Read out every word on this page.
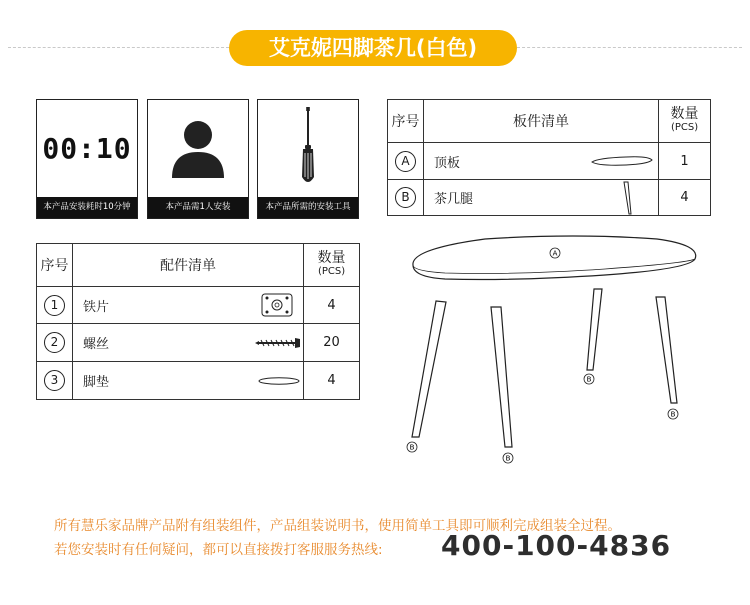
艾克妮四脚茶几(白色)
00:10
本产品安装耗时10分钟	本产品需1人安装	本产品所需的安装工具
序号	板件清单	数量
(PCS)

A	顶板	1
B	茶几腿	4
序号	配件清单	数量
(PCS)

1	铁片	4
2	螺丝	20
3	脚垫	4
A
B
B
B
B
所有慧乐家品牌产品附有组装组件，产品组装说明书，使用简单工具即可顺利完成组装全过程。
若您安装时有任何疑问，都可以直接拨打客服服务热线: 400-100-4836
